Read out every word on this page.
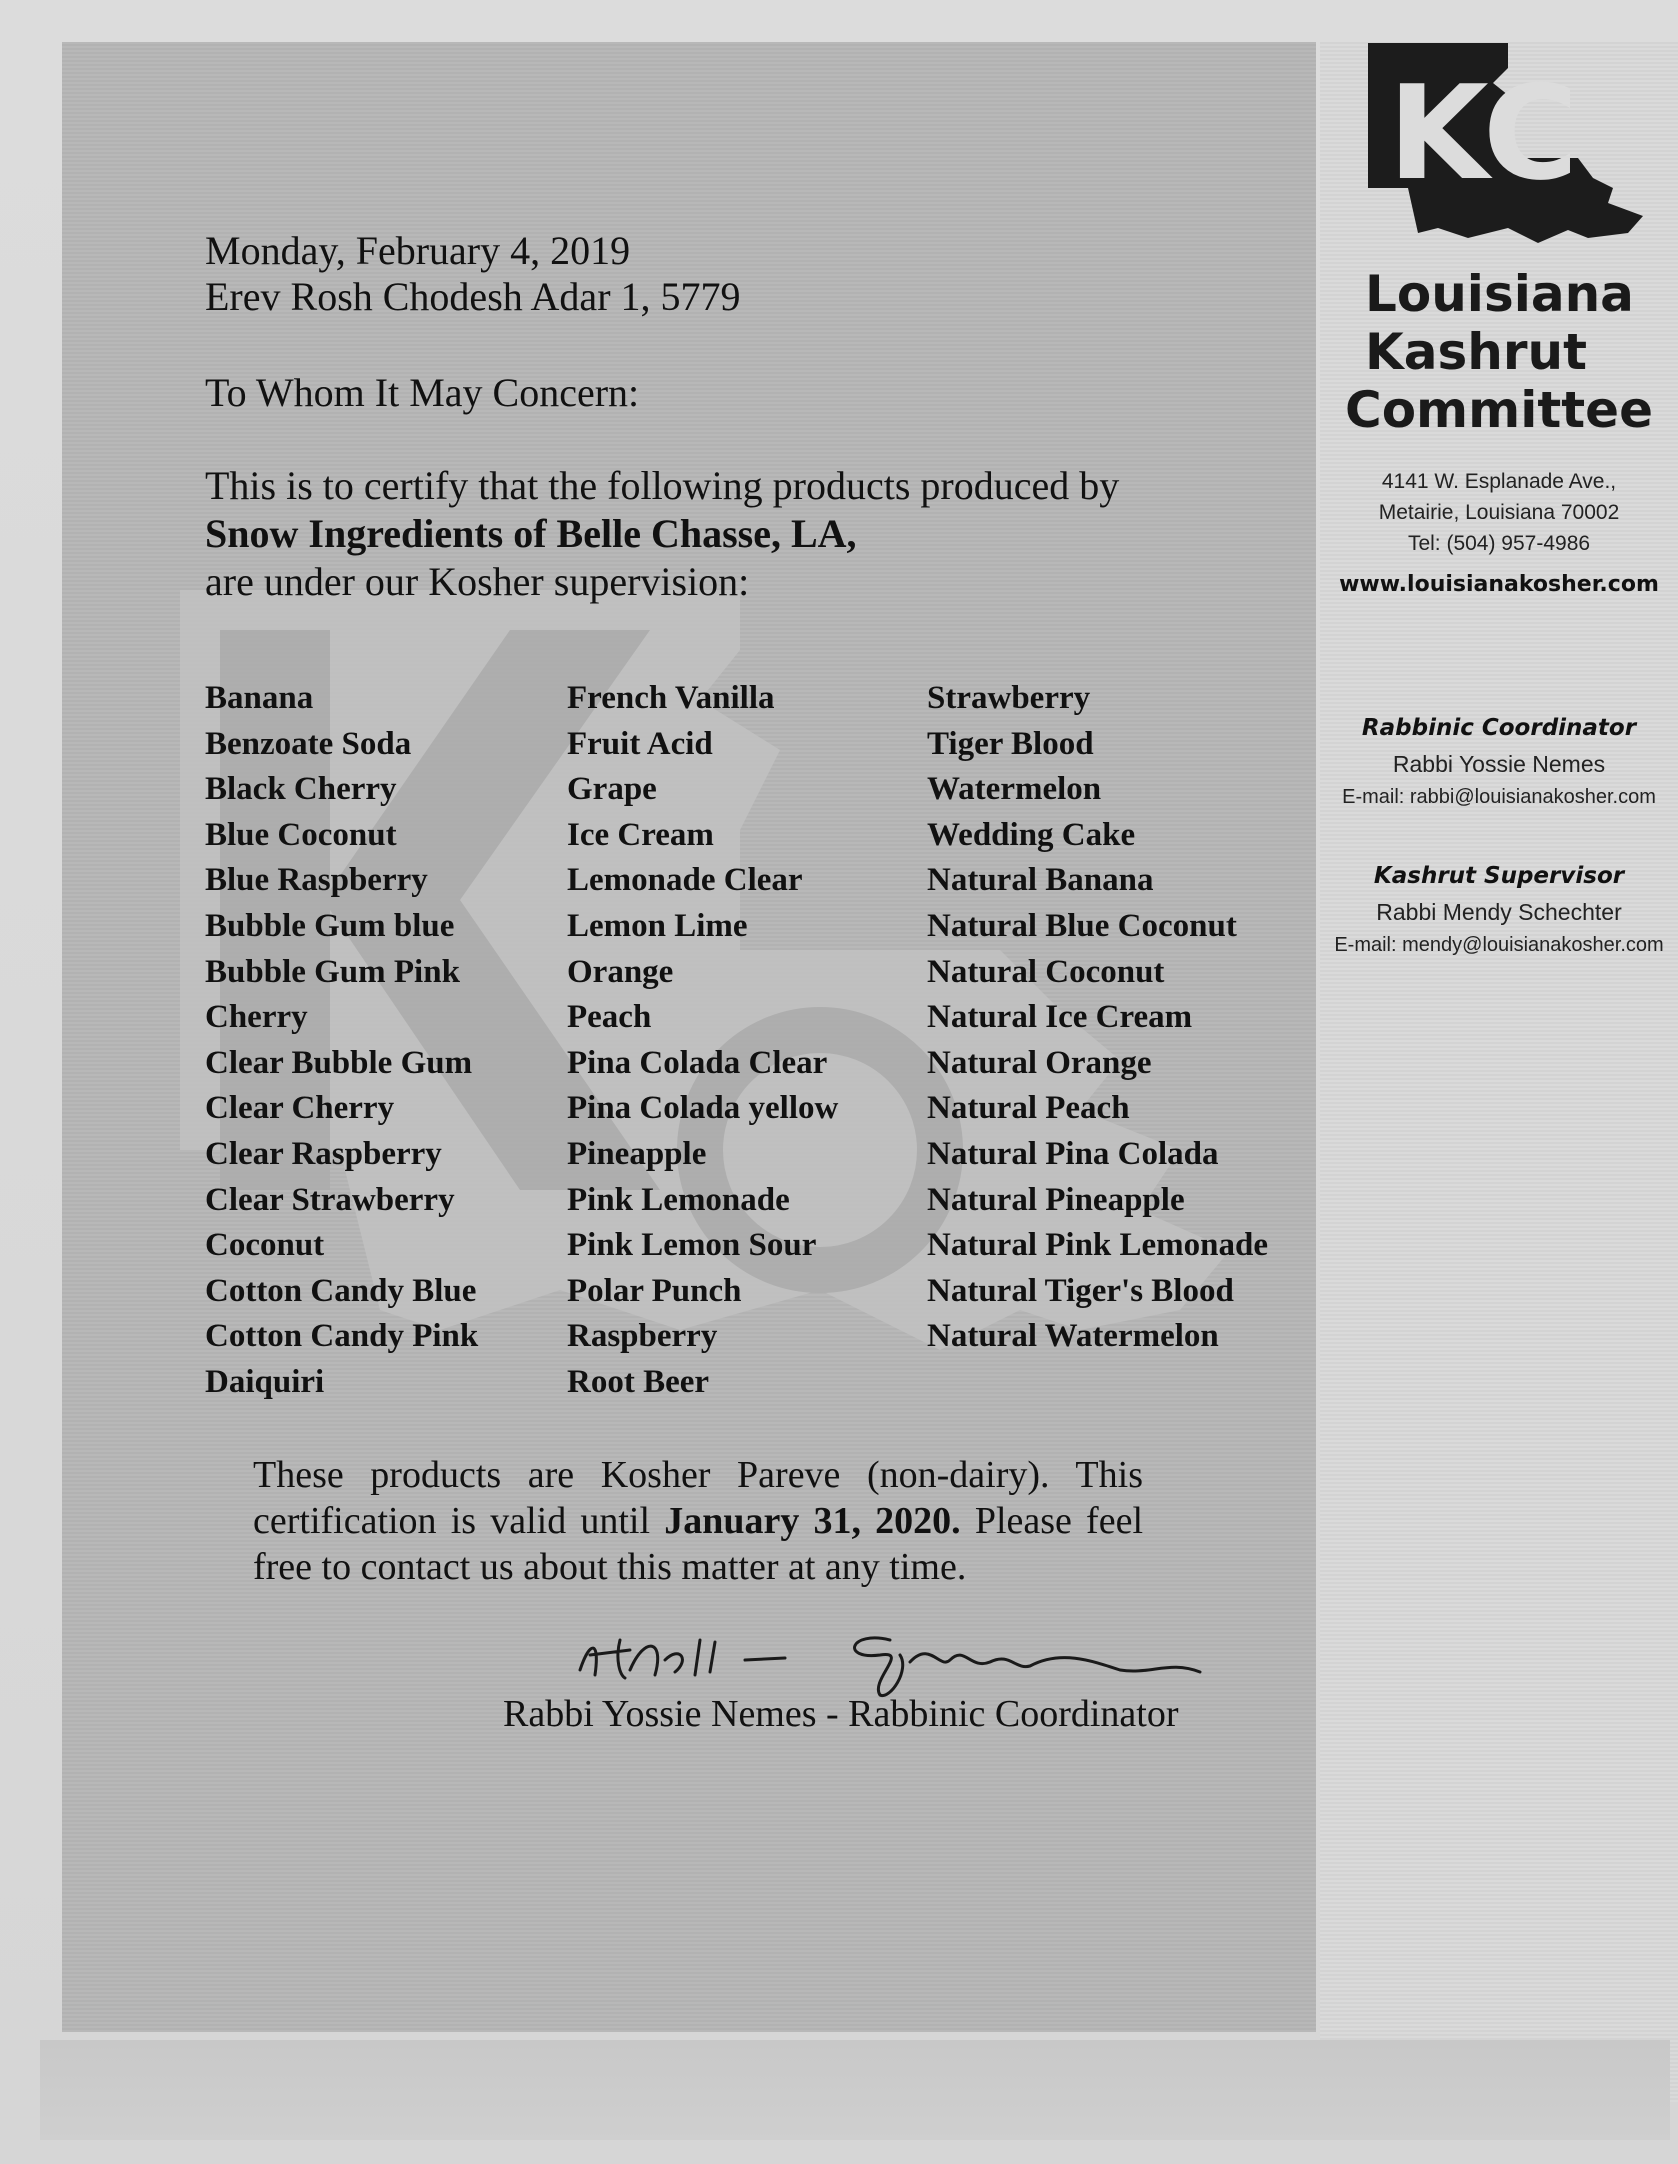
Monday, February 4, 2019
Erev Rosh Chodesh Adar 1, 5779
To Whom It May Concern:
This is to certify that the following products produced by
Snow Ingredients of Belle Chasse, LA,
are under our Kosher supervision:
Banana
Benzoate Soda
Black Cherry
Blue Coconut
Blue Raspberry
Bubble Gum blue
Bubble Gum Pink
Cherry
Clear Bubble Gum
Clear Cherry
Clear Raspberry
Clear Strawberry
Coconut
Cotton Candy Blue
Cotton Candy Pink
Daiquiri
French Vanilla
Fruit Acid
Grape
Ice Cream
Lemonade Clear
Lemon Lime
Orange
Peach
Pina Colada Clear
Pina Colada yellow
Pineapple
Pink Lemonade
Pink Lemon Sour
Polar Punch
Raspberry
Root Beer
Strawberry
Tiger Blood
Watermelon
Wedding Cake
Natural Banana
Natural Blue Coconut
Natural Coconut
Natural Ice Cream
Natural Orange
Natural Peach
Natural Pina Colada
Natural Pineapple
Natural Pink Lemonade
Natural Tiger's Blood
Natural Watermelon
These products are Kosher Pareve (non-dairy). This certification is valid until January 31, 2020. Please feel free to contact us about this matter at any time.
Rabbi Yossie Nemes - Rabbinic Coordinator
KC
Louisiana
Kashrut
Committee
4141 W. Esplanade Ave.,
Metairie, Louisiana 70002
Tel: (504) 957-4986
www.louisianakosher.com
Rabbinic Coordinator
Rabbi Yossie Nemes
E-mail: rabbi@louisianakosher.com
Kashrut Supervisor
Rabbi Mendy Schechter
E-mail: mendy@louisianakosher.com
